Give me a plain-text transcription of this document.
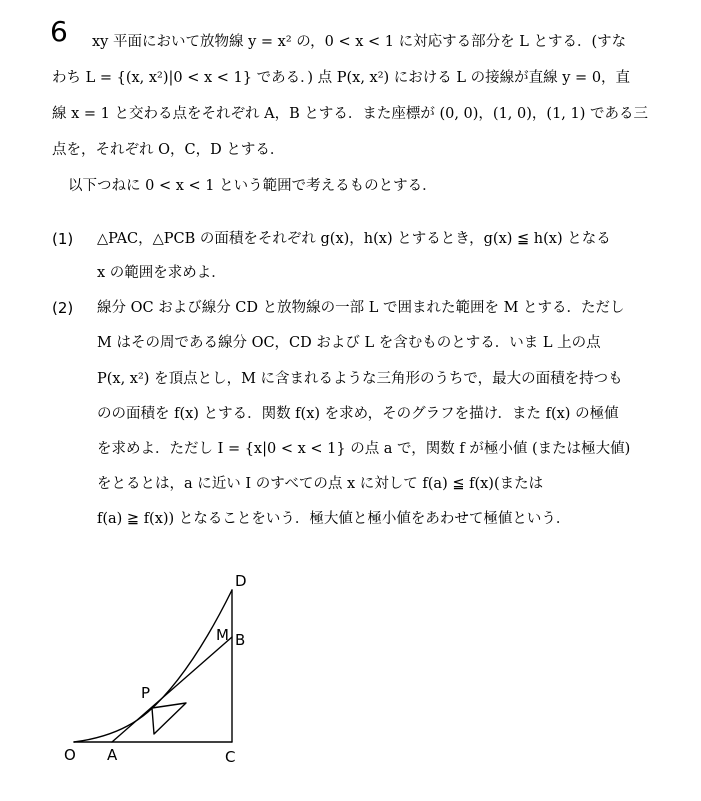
6 xy 平面において放物線 y = x² の，0 < x < 1 に対応する部分を L とする．(すな
わち L = {(x, x²)|0 < x < 1} である．) 点 P(x, x²) における L の接線が直線 y = 0，直
線 x = 1 と交わる点をそれぞれ A，B とする．また座標が (0, 0)，(1, 0)，(1, 1) である三
点を，それぞれ O，C，D とする．
以下つねに 0 < x < 1 という範囲で考えるものとする．
(1) △PAC，△PCB の面積をそれぞれ g(x)，h(x) とするとき，g(x) ≦ h(x) となる
x の範囲を求めよ．
(2) 線分 OC および線分 CD と放物線の一部 L で囲まれた範囲を M とする．ただし
M はその周である線分 OC，CD および L を含むものとする．いま L 上の点
P(x, x²) を頂点とし，M に含まれるような三角形のうちで，最大の面積を持つも
のの面積を f(x) とする．関数 f(x) を求め，そのグラフを描け．また f(x) の極値
を求めよ．ただし I = {x|0 < x < 1} の点 a で，関数 f が極小値 (または極大値)
をとるとは，a に近い I のすべての点 x に対して f(a) ≦ f(x)(または
f(a) ≧ f(x)) となることをいう．極大値と極小値をあわせて極値という．
O A	C
P
M B
D
